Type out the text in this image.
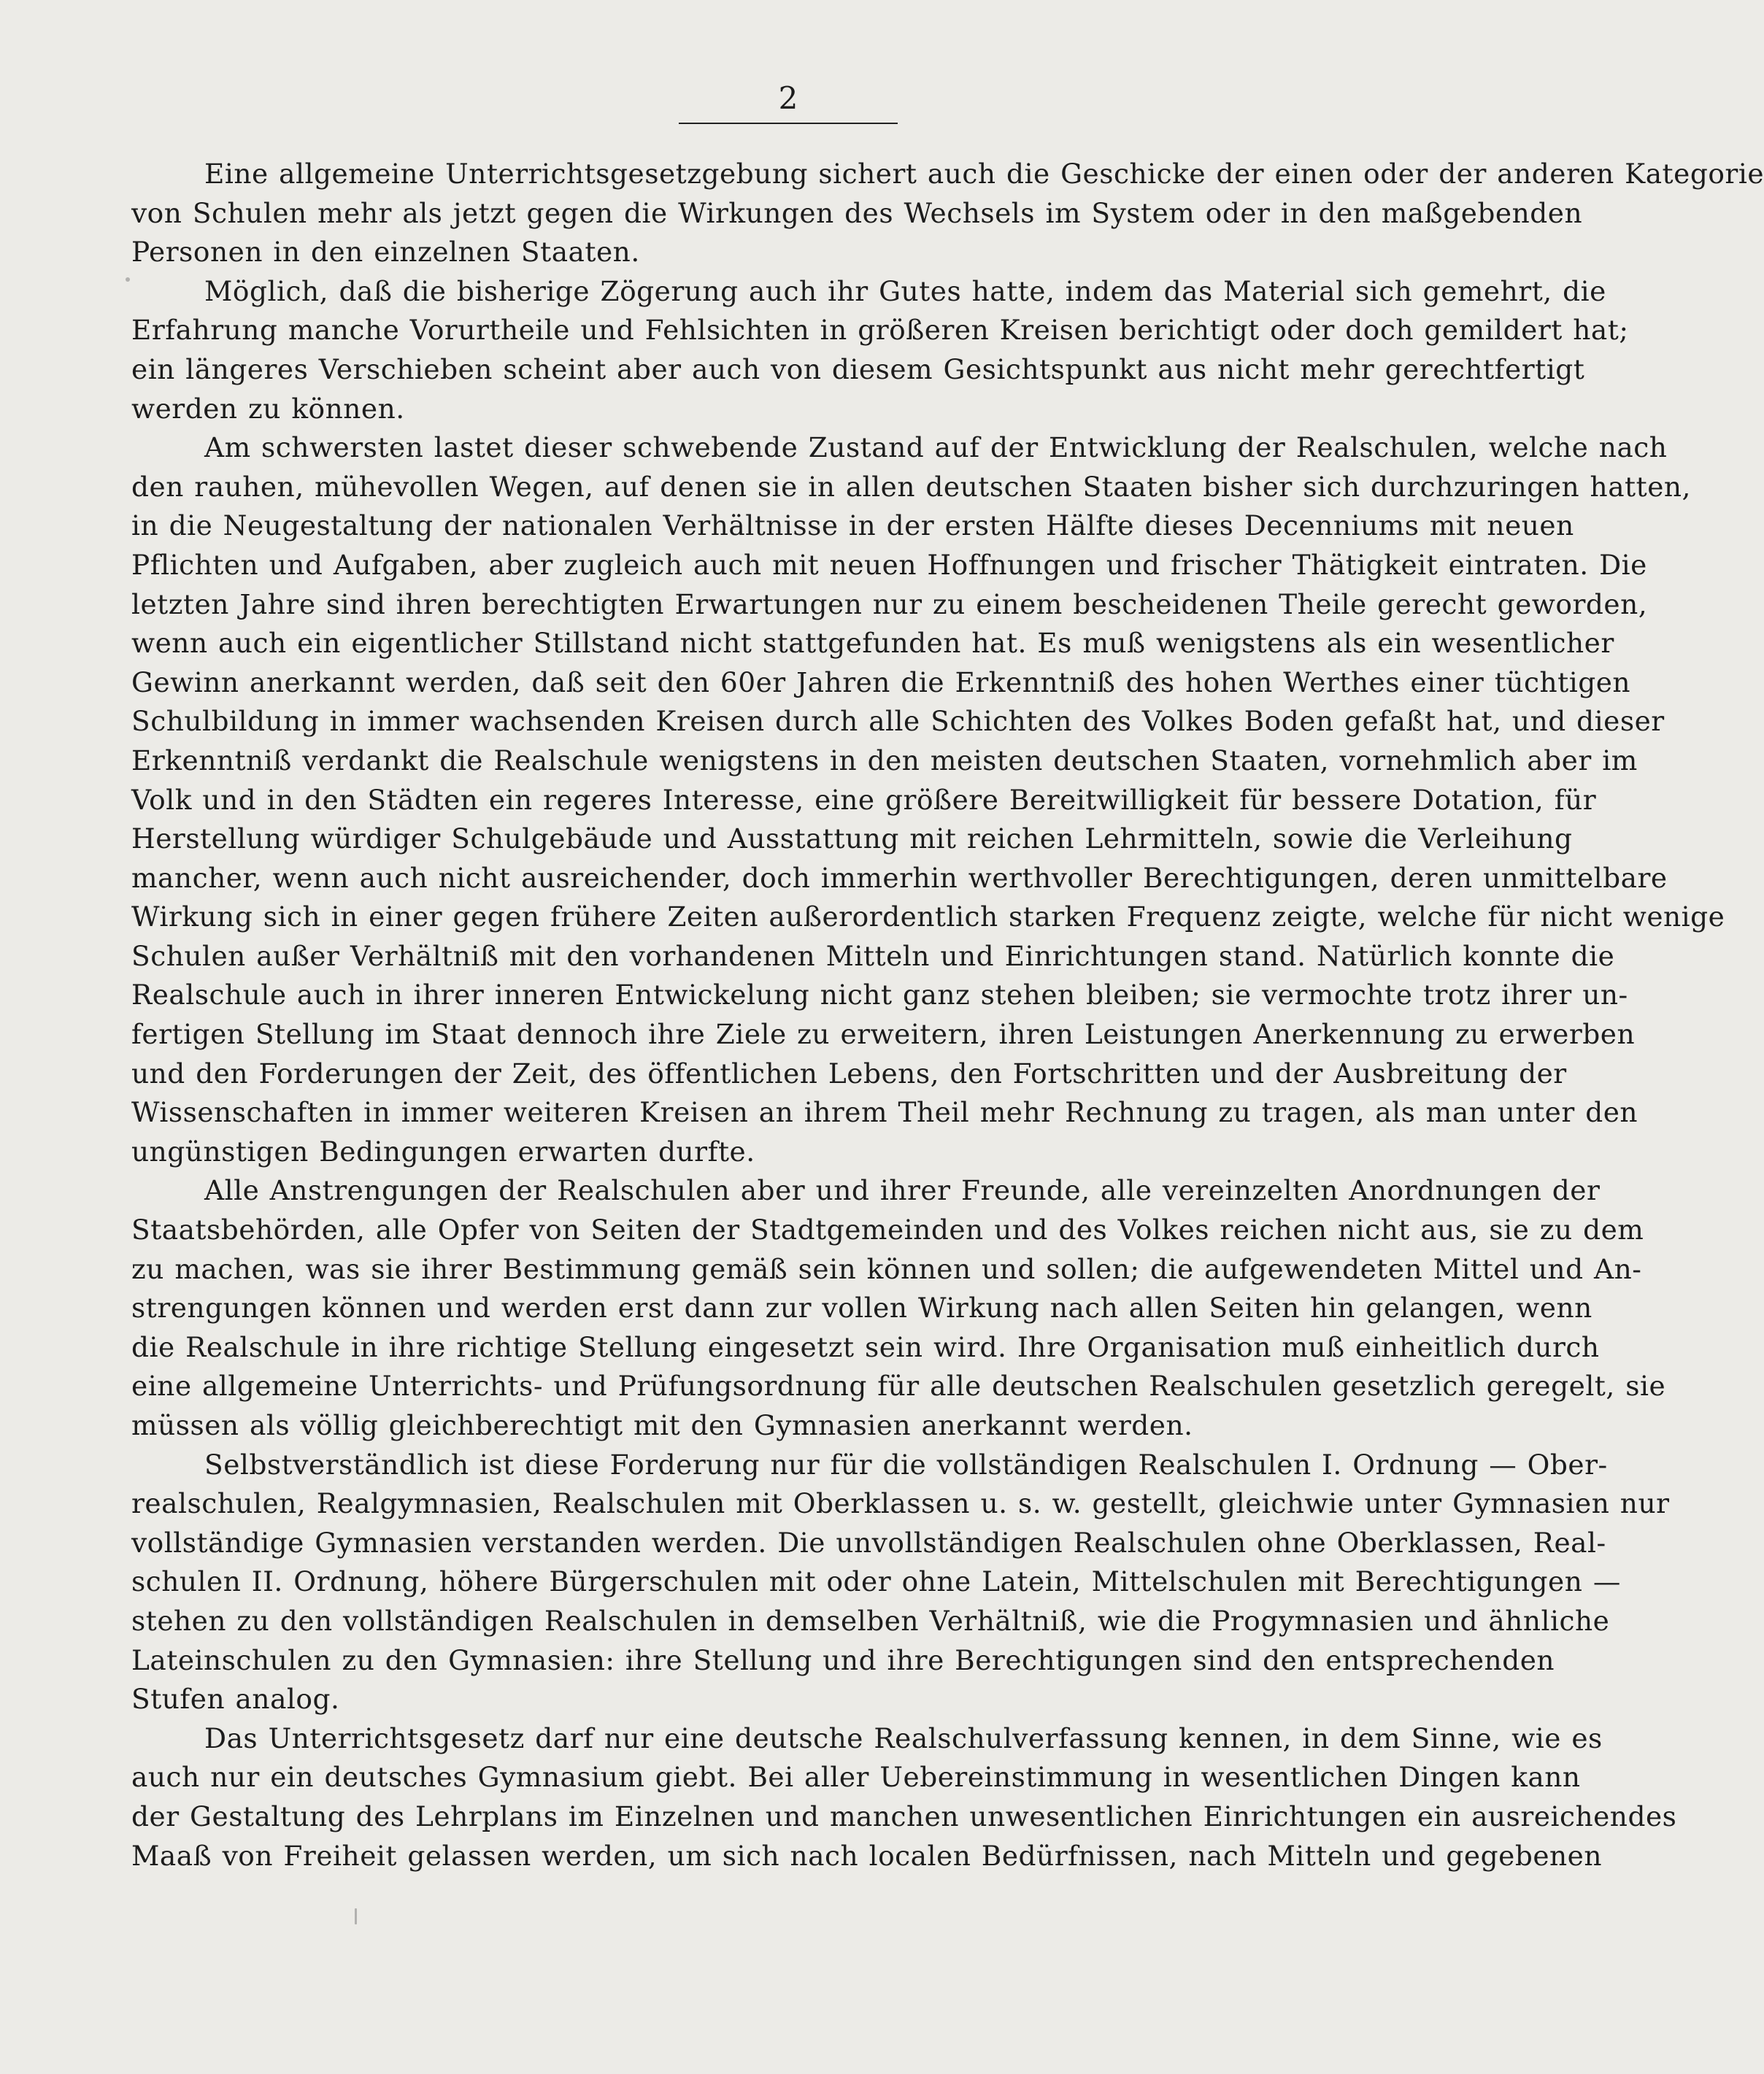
2

Eine allgemeine Unterrichtsgesetzgebung sichert auch die Geschicke der einen oder der anderen Kategorie
von Schulen mehr als jetzt gegen die Wirkungen des Wechsels im System oder in den maßgebenden
Personen in den einzelnen Staaten.
Möglich, daß die bisherige Zögerung auch ihr Gutes hatte, indem das Material sich gemehrt, die
Erfahrung manche Vorurtheile und Fehlsichten in größeren Kreisen berichtigt oder doch gemildert hat;
ein längeres Verschieben scheint aber auch von diesem Gesichtspunkt aus nicht mehr gerechtfertigt
werden zu können.
Am schwersten lastet dieser schwebende Zustand auf der Entwicklung der Realschulen, welche nach
den rauhen, mühevollen Wegen, auf denen sie in allen deutschen Staaten bisher sich durchzuringen hatten,
in die Neugestaltung der nationalen Verhältnisse in der ersten Hälfte dieses Decenniums mit neuen
Pflichten und Aufgaben, aber zugleich auch mit neuen Hoffnungen und frischer Thätigkeit eintraten. Die
letzten Jahre sind ihren berechtigten Erwartungen nur zu einem bescheidenen Theile gerecht geworden,
wenn auch ein eigentlicher Stillstand nicht stattgefunden hat. Es muß wenigstens als ein wesentlicher
Gewinn anerkannt werden, daß seit den 60er Jahren die Erkenntniß des hohen Werthes einer tüchtigen
Schulbildung in immer wachsenden Kreisen durch alle Schichten des Volkes Boden gefaßt hat, und dieser
Erkenntniß verdankt die Realschule wenigstens in den meisten deutschen Staaten, vornehmlich aber im
Volk und in den Städten ein regeres Interesse, eine größere Bereitwilligkeit für bessere Dotation, für
Herstellung würdiger Schulgebäude und Ausstattung mit reichen Lehrmitteln, sowie die Verleihung
mancher, wenn auch nicht ausreichender, doch immerhin werthvoller Berechtigungen, deren unmittelbare
Wirkung sich in einer gegen frühere Zeiten außerordentlich starken Frequenz zeigte, welche für nicht wenige
Schulen außer Verhältniß mit den vorhandenen Mitteln und Einrichtungen stand. Natürlich konnte die
Realschule auch in ihrer inneren Entwickelung nicht ganz stehen bleiben; sie vermochte trotz ihrer un-
fertigen Stellung im Staat dennoch ihre Ziele zu erweitern, ihren Leistungen Anerkennung zu erwerben
und den Forderungen der Zeit, des öffentlichen Lebens, den Fortschritten und der Ausbreitung der
Wissenschaften in immer weiteren Kreisen an ihrem Theil mehr Rechnung zu tragen, als man unter den
ungünstigen Bedingungen erwarten durfte.
Alle Anstrengungen der Realschulen aber und ihrer Freunde, alle vereinzelten Anordnungen der
Staatsbehörden, alle Opfer von Seiten der Stadtgemeinden und des Volkes reichen nicht aus, sie zu dem
zu machen, was sie ihrer Bestimmung gemäß sein können und sollen; die aufgewendeten Mittel und An-
strengungen können und werden erst dann zur vollen Wirkung nach allen Seiten hin gelangen, wenn
die Realschule in ihre richtige Stellung eingesetzt sein wird. Ihre Organisation muß einheitlich durch
eine allgemeine Unterrichts- und Prüfungsordnung für alle deutschen Realschulen gesetzlich geregelt, sie
müssen als völlig gleichberechtigt mit den Gymnasien anerkannt werden.
Selbstverständlich ist diese Forderung nur für die vollständigen Realschulen I. Ordnung — Ober-
realschulen, Realgymnasien, Realschulen mit Oberklassen u. s. w. gestellt, gleichwie unter Gymnasien nur
vollständige Gymnasien verstanden werden. Die unvollständigen Realschulen ohne Oberklassen, Real-
schulen II. Ordnung, höhere Bürgerschulen mit oder ohne Latein, Mittelschulen mit Berechtigungen —
stehen zu den vollständigen Realschulen in demselben Verhältniß, wie die Progymnasien und ähnliche
Lateinschulen zu den Gymnasien: ihre Stellung und ihre Berechtigungen sind den entsprechenden
Stufen analog.
Das Unterrichtsgesetz darf nur eine deutsche Realschulverfassung kennen, in dem Sinne, wie es
auch nur ein deutsches Gymnasium giebt. Bei aller Uebereinstimmung in wesentlichen Dingen kann
der Gestaltung des Lehrplans im Einzelnen und manchen unwesentlichen Einrichtungen ein ausreichendes
Maaß von Freiheit gelassen werden, um sich nach localen Bedürfnissen, nach Mitteln und gegebenen
